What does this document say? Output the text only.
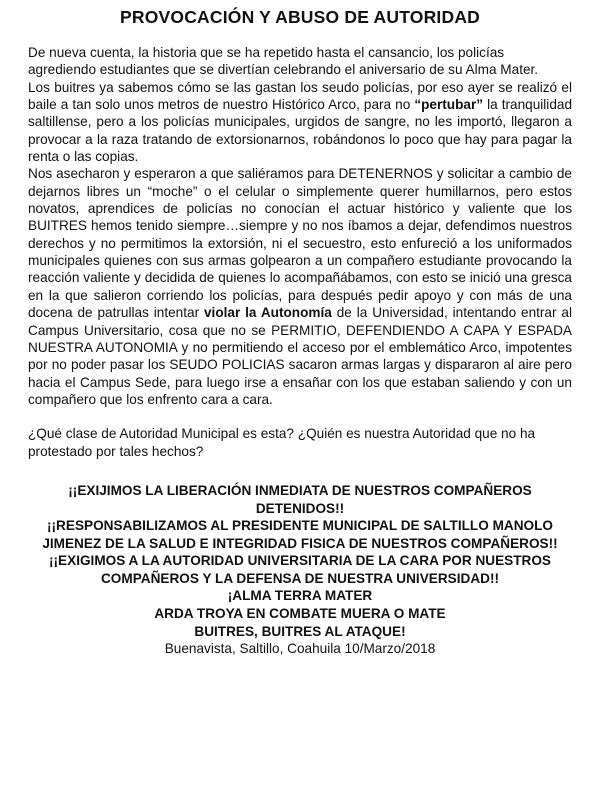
PROVOCACIÓN Y ABUSO DE AUTORIDAD

De nueva cuenta, la historia que se ha repetido hasta el cansancio, los policías agrediendo estudiantes que se divertían celebrando el aniversario de su Alma Mater.

Los buitres ya sabemos cómo se las gastan los seudo policías, por eso ayer se realizó el baile a tan solo unos metros de nuestro Histórico Arco, para no “pertubar” la tranquilidad saltillense, pero a los policías municipales, urgidos de sangre, no les importó, llegaron a provocar a la raza tratando de extorsionarnos, robándonos lo poco que hay para pagar la renta o las copias.

Nos asecharon y esperaron a que saliéramos para DETENERNOS y solicitar a cambio de dejarnos libres un “moche” o el celular o simplemente querer humillarnos, pero estos novatos, aprendices de policías no conocían el actuar histórico y valiente que los BUITRES hemos tenido siempre…siempre y no nos íbamos a dejar, defendimos nuestros derechos y no permitimos la extorsión, ni el secuestro, esto enfureció a los uniformados municipales quienes con sus armas golpearon a un compañero estudiante provocando la reacción valiente y decidida de quienes lo acompañábamos, con esto se inició una gresca en la que salieron corriendo los policías, para después pedir apoyo y con más de una docena de patrullas intentar violar la Autonomía de la Universidad, intentando entrar al Campus Universitario, cosa que no se PERMITIO, DEFENDIENDO A CAPA Y ESPADA NUESTRA AUTONOMIA y no permitiendo el acceso por el emblemático Arco, impotentes por no poder pasar los SEUDO POLICIAS sacaron armas largas y dispararon al aire pero hacia el Campus Sede, para luego irse a ensañar con los que estaban saliendo y con un compañero que los enfrento cara a cara.

¿Qué clase de Autoridad Municipal es esta? ¿Quién es nuestra Autoridad que no ha protestado por tales hechos?

¡¡EXIJIMOS LA LIBERACIÓN INMEDIATA DE NUESTROS COMPAÑEROS DETENIDOS!!

¡¡RESPONSABILIZAMOS AL PRESIDENTE MUNICIPAL DE SALTILLO MANOLO JIMENEZ DE LA SALUD E INTEGRIDAD FISICA DE NUESTROS COMPAÑEROS!!

¡¡EXIGIMOS A LA AUTORIDAD UNIVERSITARIA DE LA CARA POR NUESTROS COMPAÑEROS Y LA DEFENSA DE NUESTRA UNIVERSIDAD!!

¡ALMA TERRA MATER

ARDA TROYA EN COMBATE MUERA O MATE

BUITRES, BUITRES AL ATAQUE!

Buenavista, Saltillo, Coahuila 10/Marzo/2018
